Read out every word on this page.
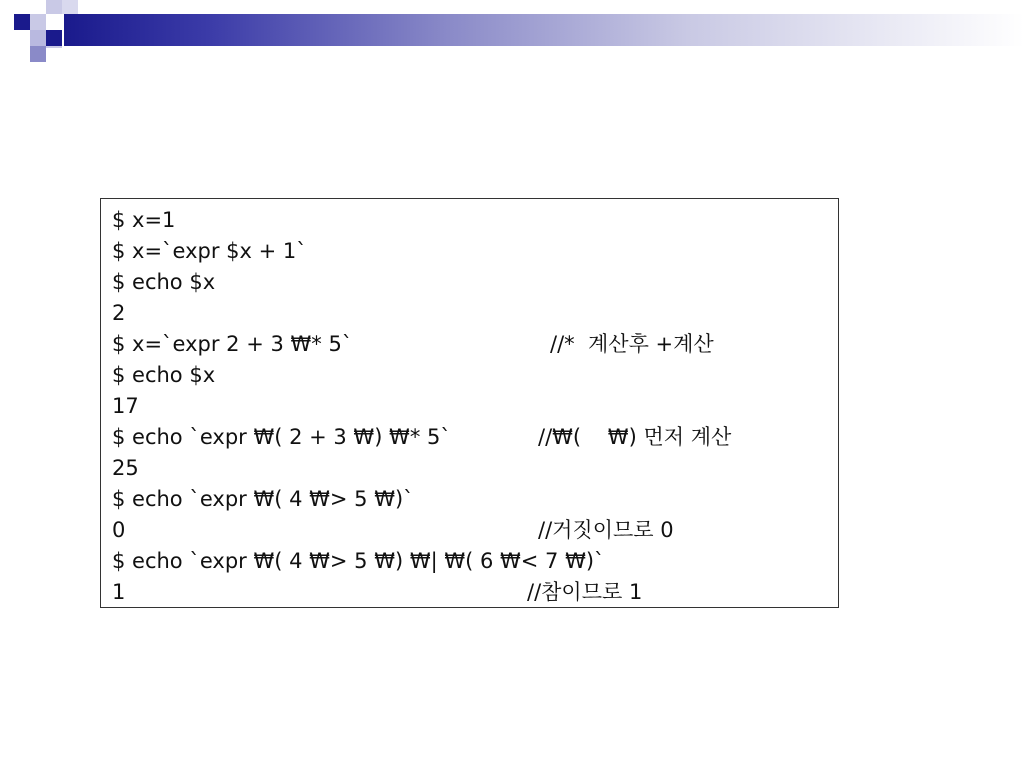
$ x=1

$ x=`expr $x + 1`

$ echo $x

2

$ x=`expr 2 + 3 ₩* 5`

	//*  계산후 +계산

$ echo $x

17

$ echo `expr ₩( 2 + 3 ₩) ₩* 5`

	//₩(    ₩) 먼저 계산

25

$ echo `expr ₩( 4 ₩> 5 ₩)`

0

	//거짓이므로 0

$ echo `expr ₩( 4 ₩> 5 ₩) ₩| ₩( 6 ₩< 7 ₩)`

1

	//참이므로 1
